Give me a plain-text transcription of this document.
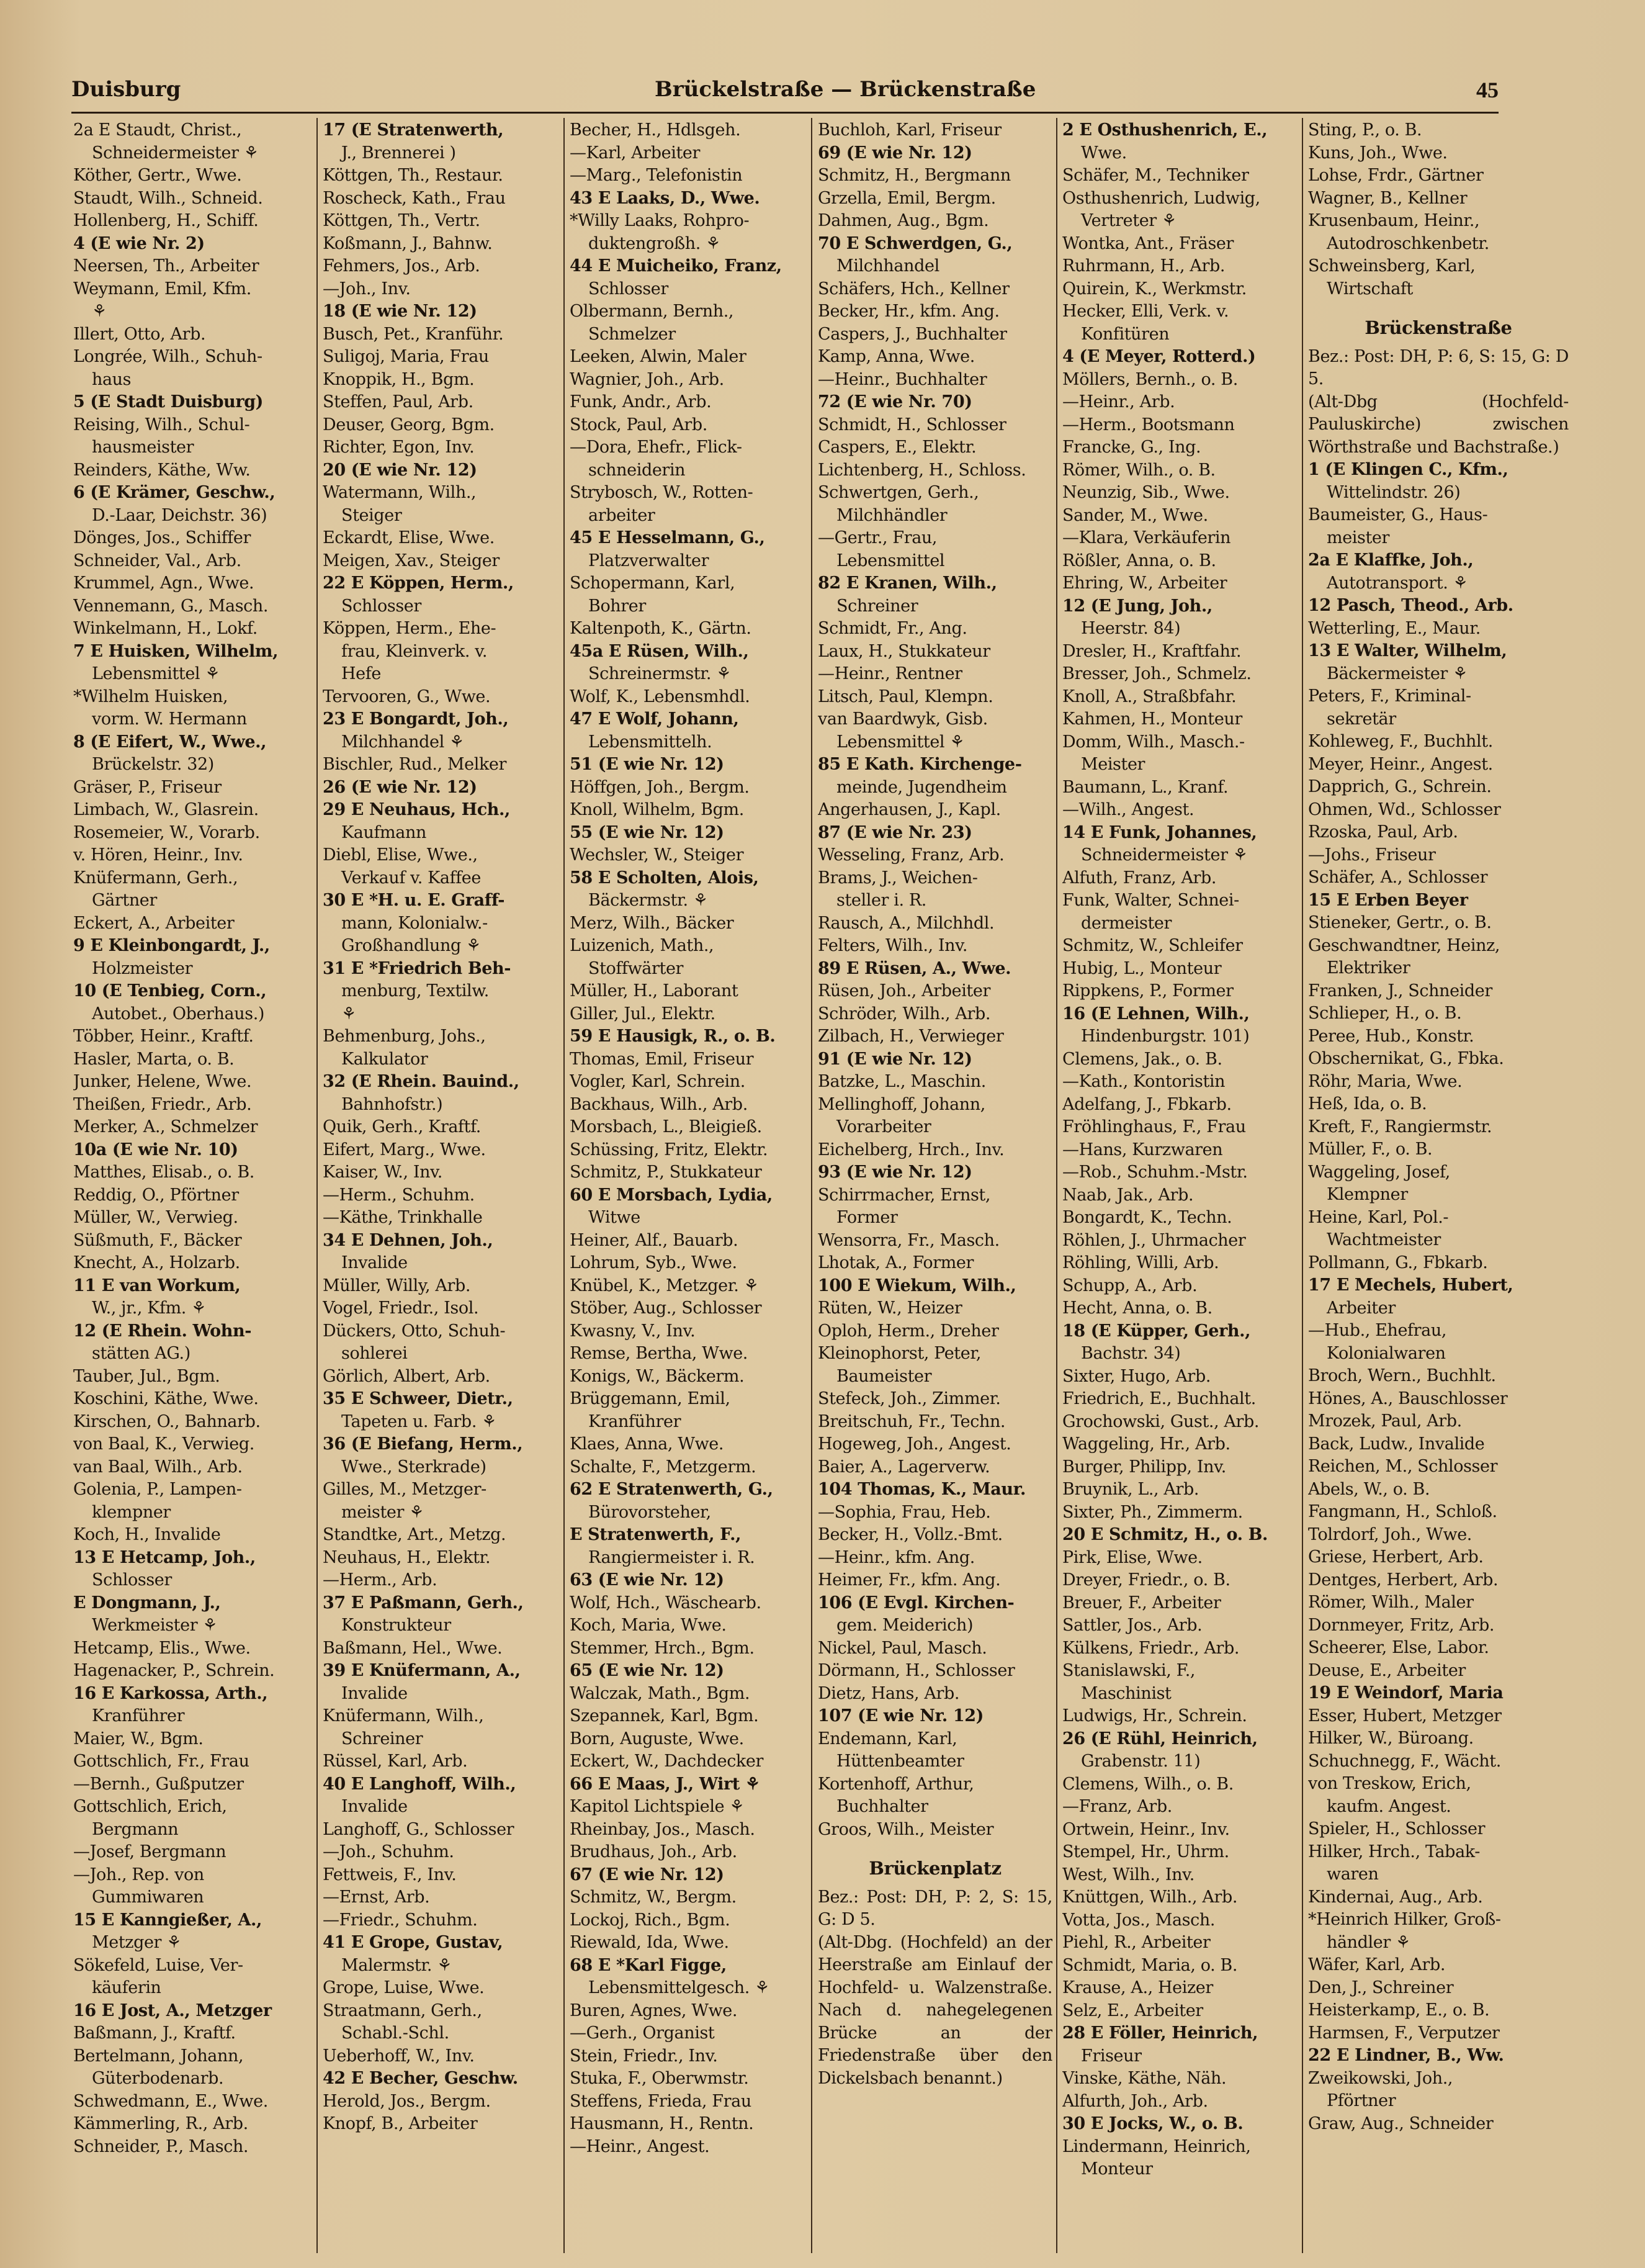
Duisburg	Brückelstraße — Brückenstraße	45
2a E Staudt, Christ.,
Schneidermeister ⚘
Köther, Gertr., Wwe.
Staudt, Wilh., Schneid.
Hollenberg, H., Schiff.
4 (E wie Nr. 2)
Neersen, Th., Arbeiter
Weymann, Emil, Kfm.
⚘
Illert, Otto, Arb.
Longrée, Wilh., Schuh-
haus
5 (E Stadt Duisburg)
Reising, Wilh., Schul-
hausmeister
Reinders, Käthe, Ww.
6 (E Krämer, Geschw.,
D.-Laar, Deichstr. 36)
Dönges, Jos., Schiffer
Schneider, Val., Arb.
Krummel, Agn., Wwe.
Vennemann, G., Masch.
Winkelmann, H., Lokf.
7 E Huisken, Wilhelm,
Lebensmittel ⚘
*Wilhelm Huisken,
vorm. W. Hermann
8 (E Eifert, W., Wwe.,
Brückelstr. 32)
Gräser, P., Friseur
Limbach, W., Glasrein.
Rosemeier, W., Vorarb.
v. Hören, Heinr., Inv.
Knüfermann, Gerh.,
Gärtner
Eckert, A., Arbeiter
9 E Kleinbongardt, J.,
Holzmeister
10 (E Tenbieg, Corn.,
Autobet., Oberhaus.)
Többer, Heinr., Kraftf.
Hasler, Marta, o. B.
Junker, Helene, Wwe.
Theißen, Friedr., Arb.
Merker, A., Schmelzer
10a (E wie Nr. 10)
Matthes, Elisab., o. B.
Reddig, O., Pförtner
Müller, W., Verwieg.
Süßmuth, F., Bäcker
Knecht, A., Holzarb.
11 E van Workum,
W., jr., Kfm. ⚘
12 (E Rhein. Wohn-
stätten AG.)
Tauber, Jul., Bgm.
Koschini, Käthe, Wwe.
Kirschen, O., Bahnarb.
von Baal, K., Verwieg.
van Baal, Wilh., Arb.
Golenia, P., Lampen-
klempner
Koch, H., Invalide
13 E Hetcamp, Joh.,
Schlosser
E Dongmann, J.,
Werkmeister ⚘
Hetcamp, Elis., Wwe.
Hagenacker, P., Schrein.
16 E Karkossa, Arth.,
Kranführer
Maier, W., Bgm.
Gottschlich, Fr., Frau
—Bernh., Gußputzer
Gottschlich, Erich,
Bergmann
—Josef, Bergmann
—Joh., Rep. von
Gummiwaren
15 E Kanngießer, A.,
Metzger ⚘
Sökefeld, Luise, Ver-
käuferin
16 E Jost, A., Metzger
Baßmann, J., Kraftf.
Bertelmann, Johann,
Güterbodenarb.
Schwedmann, E., Wwe.
Kämmerling, R., Arb.
Schneider, P., Masch.
17 (E Stratenwerth,
J., Brennerei )
Köttgen, Th., Restaur.
Roscheck, Kath., Frau
Köttgen, Th., Vertr.
Koßmann, J., Bahnw.
Fehmers, Jos., Arb.
—Joh., Inv.
18 (E wie Nr. 12)
Busch, Pet., Kranführ.
Suligoj, Maria, Frau
Knoppik, H., Bgm.
Steffen, Paul, Arb.
Deuser, Georg, Bgm.
Richter, Egon, Inv.
20 (E wie Nr. 12)
Watermann, Wilh.,
Steiger
Eckardt, Elise, Wwe.
Meigen, Xav., Steiger
22 E Köppen, Herm.,
Schlosser
Köppen, Herm., Ehe-
frau, Kleinverk. v.
Hefe
Tervooren, G., Wwe.
23 E Bongardt, Joh.,
Milchhandel ⚘
Bischler, Rud., Melker
26 (E wie Nr. 12)
29 E Neuhaus, Hch.,
Kaufmann
Diebl, Elise, Wwe.,
Verkauf v. Kaffee
30 E *H. u. E. Graff-
mann, Kolonialw.-
Großhandlung ⚘
31 E *Friedrich Beh-
menburg, Textilw.
⚘
Behmenburg, Johs.,
Kalkulator
32 (E Rhein. Bauind.,
Bahnhofstr.)
Quik, Gerh., Kraftf.
Eifert, Marg., Wwe.
Kaiser, W., Inv.
—Herm., Schuhm.
—Käthe, Trinkhalle
34 E Dehnen, Joh.,
Invalide
Müller, Willy, Arb.
Vogel, Friedr., Isol.
Dückers, Otto, Schuh-
sohlerei
Görlich, Albert, Arb.
35 E Schweer, Dietr.,
Tapeten u. Farb. ⚘
36 (E Biefang, Herm.,
Wwe., Sterkrade)
Gilles, M., Metzger-
meister ⚘
Standtke, Art., Metzg.
Neuhaus, H., Elektr.
—Herm., Arb.
37 E Paßmann, Gerh.,
Konstrukteur
Baßmann, Hel., Wwe.
39 E Knüfermann, A.,
Invalide
Knüfermann, Wilh.,
Schreiner
Rüssel, Karl, Arb.
40 E Langhoff, Wilh.,
Invalide
Langhoff, G., Schlosser
—Joh., Schuhm.
Fettweis, F., Inv.
—Ernst, Arb.
—Friedr., Schuhm.
41 E Grope, Gustav,
Malermstr. ⚘
Grope, Luise, Wwe.
Straatmann, Gerh.,
Schabl.-Schl.
Ueberhoff, W., Inv.
42 E Becher, Geschw.
Herold, Jos., Bergm.
Knopf, B., Arbeiter
Becher, H., Hdlsgeh.
—Karl, Arbeiter
—Marg., Telefonistin
43 E Laaks, D., Wwe.
*Willy Laaks, Rohpro-
duktengroßh. ⚘
44 E Muicheiko, Franz,
Schlosser
Olbermann, Bernh.,
Schmelzer
Leeken, Alwin, Maler
Wagnier, Joh., Arb.
Funk, Andr., Arb.
Stock, Paul, Arb.
—Dora, Ehefr., Flick-
schneiderin
Strybosch, W., Rotten-
arbeiter
45 E Hesselmann, G.,
Platzverwalter
Schopermann, Karl,
Bohrer
Kaltenpoth, K., Gärtn.
45a E Rüsen, Wilh.,
Schreinermstr. ⚘
Wolf, K., Lebensmhdl.
47 E Wolf, Johann,
Lebensmittelh.
51 (E wie Nr. 12)
Höffgen, Joh., Bergm.
Knoll, Wilhelm, Bgm.
55 (E wie Nr. 12)
Wechsler, W., Steiger
58 E Scholten, Alois,
Bäckermstr. ⚘
Merz, Wilh., Bäcker
Luizenich, Math.,
Stoffwärter
Müller, H., Laborant
Giller, Jul., Elektr.
59 E Hausigk, R., o. B.
Thomas, Emil, Friseur
Vogler, Karl, Schrein.
Backhaus, Wilh., Arb.
Morsbach, L., Bleigieß.
Schüssing, Fritz, Elektr.
Schmitz, P., Stukkateur
60 E Morsbach, Lydia,
Witwe
Heiner, Alf., Bauarb.
Lohrum, Syb., Wwe.
Knübel, K., Metzger. ⚘
Stöber, Aug., Schlosser
Kwasny, V., Inv.
Remse, Bertha, Wwe.
Konigs, W., Bäckerm.
Brüggemann, Emil,
Kranführer
Klaes, Anna, Wwe.
Schalte, F., Metzgerm.
62 E Stratenwerth, G.,
Bürovorsteher,
E Stratenwerth, F.,
Rangiermeister i. R.
63 (E wie Nr. 12)
Wolf, Hch., Wäschearb.
Koch, Maria, Wwe.
Stemmer, Hrch., Bgm.
65 (E wie Nr. 12)
Walczak, Math., Bgm.
Szepannek, Karl, Bgm.
Born, Auguste, Wwe.
Eckert, W., Dachdecker
66 E Maas, J., Wirt ⚘
Kapitol Lichtspiele ⚘
Rheinbay, Jos., Masch.
Brudhaus, Joh., Arb.
67 (E wie Nr. 12)
Schmitz, W., Bergm.
Lockoj, Rich., Bgm.
Riewald, Ida, Wwe.
68 E *Karl Figge,
Lebensmittelgesch. ⚘
Buren, Agnes, Wwe.
—Gerh., Organist
Stein, Friedr., Inv.
Stuka, F., Oberwmstr.
Steffens, Frieda, Frau
Hausmann, H., Rentn.
—Heinr., Angest.
Buchloh, Karl, Friseur
69 (E wie Nr. 12)
Schmitz, H., Bergmann
Grzella, Emil, Bergm.
Dahmen, Aug., Bgm.
70 E Schwerdgen, G.,
Milchhandel
Schäfers, Hch., Kellner
Becker, Hr., kfm. Ang.
Caspers, J., Buchhalter
Kamp, Anna, Wwe.
—Heinr., Buchhalter
72 (E wie Nr. 70)
Schmidt, H., Schlosser
Caspers, E., Elektr.
Lichtenberg, H., Schloss.
Schwertgen, Gerh.,
Milchhändler
—Gertr., Frau,
Lebensmittel
82 E Kranen, Wilh.,
Schreiner
Schmidt, Fr., Ang.
Laux, H., Stukkateur
—Heinr., Rentner
Litsch, Paul, Klempn.
van Baardwyk, Gisb.
Lebensmittel ⚘
85 E Kath. Kirchenge-
meinde, Jugendheim
Angerhausen, J., Kapl.
87 (E wie Nr. 23)
Wesseling, Franz, Arb.
Brams, J., Weichen-
steller i. R.
Rausch, A., Milchhdl.
Felters, Wilh., Inv.
89 E Rüsen, A., Wwe.
Rüsen, Joh., Arbeiter
Schröder, Wilh., Arb.
Zilbach, H., Verwieger
91 (E wie Nr. 12)
Batzke, L., Maschin.
Mellinghoff, Johann,
Vorarbeiter
Eichelberg, Hrch., Inv.
93 (E wie Nr. 12)
Schirrmacher, Ernst,
Former
Wensorra, Fr., Masch.
Lhotak, A., Former
100 E Wiekum, Wilh.,
Rüten, W., Heizer
Oploh, Herm., Dreher
Kleinophorst, Peter,
Baumeister
Stefeck, Joh., Zimmer.
Breitschuh, Fr., Techn.
Hogeweg, Joh., Angest.
Baier, A., Lagerverw.
104 Thomas, K., Maur.
—Sophia, Frau, Heb.
Becker, H., Vollz.-Bmt.
—Heinr., kfm. Ang.
Heimer, Fr., kfm. Ang.
106 (E Evgl. Kirchen-
gem. Meiderich)
Nickel, Paul, Masch.
Dörmann, H., Schlosser
Dietz, Hans, Arb.
107 (E wie Nr. 12)
Endemann, Karl,
Hüttenbeamter
Kortenhoff, Arthur,
Buchhalter
Groos, Wilh., Meister
Brückenplatz
Bez.: Post: DH, P: 2, S: 15, G: D 5.
(Alt-Dbg. (Hochfeld) an der Heerstraße am Einlauf der Hochfeld- u. Walzenstraße. Nach d. nahegelegenen Brücke an der Friedenstraße über den Dickelsbach benannt.)
2 E Osthushenrich, E.,
Wwe.
Schäfer, M., Techniker
Osthushenrich, Ludwig,
Vertreter ⚘
Wontka, Ant., Fräser
Ruhrmann, H., Arb.
Quirein, K., Werkmstr.
Hecker, Elli, Verk. v.
Konfitüren
4 (E Meyer, Rotterd.)
Möllers, Bernh., o. B.
—Heinr., Arb.
—Herm., Bootsmann
Francke, G., Ing.
Römer, Wilh., o. B.
Neunzig, Sib., Wwe.
Sander, M., Wwe.
—Klara, Verkäuferin
Rößler, Anna, o. B.
Ehring, W., Arbeiter
12 (E Jung, Joh.,
Heerstr. 84)
Dresler, H., Kraftfahr.
Bresser, Joh., Schmelz.
Knoll, A., Straßbfahr.
Kahmen, H., Monteur
Domm, Wilh., Masch.-
Meister
Baumann, L., Kranf.
—Wilh., Angest.
14 E Funk, Johannes,
Schneidermeister ⚘
Alfuth, Franz, Arb.
Funk, Walter, Schnei-
dermeister
Schmitz, W., Schleifer
Hubig, L., Monteur
Rippkens, P., Former
16 (E Lehnen, Wilh.,
Hindenburgstr. 101)
Clemens, Jak., o. B.
—Kath., Kontoristin
Adelfang, J., Fbkarb.
Fröhlinghaus, F., Frau
—Hans, Kurzwaren
—Rob., Schuhm.-Mstr.
Naab, Jak., Arb.
Bongardt, K., Techn.
Röhlen, J., Uhrmacher
Röhling, Willi, Arb.
Schupp, A., Arb.
Hecht, Anna, o. B.
18 (E Küpper, Gerh.,
Bachstr. 34)
Sixter, Hugo, Arb.
Friedrich, E., Buchhalt.
Grochowski, Gust., Arb.
Waggeling, Hr., Arb.
Burger, Philipp, Inv.
Bruynik, L., Arb.
Sixter, Ph., Zimmerm.
20 E Schmitz, H., o. B.
Pirk, Elise, Wwe.
Dreyer, Friedr., o. B.
Breuer, F., Arbeiter
Sattler, Jos., Arb.
Külkens, Friedr., Arb.
Stanislawski, F.,
Maschinist
Ludwigs, Hr., Schrein.
26 (E Rühl, Heinrich,
Grabenstr. 11)
Clemens, Wilh., o. B.
—Franz, Arb.
Ortwein, Heinr., Inv.
Stempel, Hr., Uhrm.
West, Wilh., Inv.
Knüttgen, Wilh., Arb.
Votta, Jos., Masch.
Piehl, R., Arbeiter
Schmidt, Maria, o. B.
Krause, A., Heizer
Selz, E., Arbeiter
28 E Föller, Heinrich,
Friseur
Vinske, Käthe, Näh.
Alfurth, Joh., Arb.
30 E Jocks, W., o. B.
Lindermann, Heinrich,
Monteur
Sting, P., o. B.
Kuns, Joh., Wwe.
Lohse, Frdr., Gärtner
Wagner, B., Kellner
Krusenbaum, Heinr.,
Autodroschkenbetr.
Schweinsberg, Karl,
Wirtschaft
Brückenstraße
Bez.: Post: DH, P: 6, S: 15, G: D 5.
(Alt-Dbg (Hochfeld-Pauluskirche) zwischen Wörthstraße und Bachstraße.)
1 (E Klingen C., Kfm.,
Wittelindstr. 26)
Baumeister, G., Haus-
meister
2a E Klaffke, Joh.,
Autotransport. ⚘
12 Pasch, Theod., Arb.
Wetterling, E., Maur.
13 E Walter, Wilhelm,
Bäckermeister ⚘
Peters, F., Kriminal-
sekretär
Kohleweg, F., Buchhlt.
Meyer, Heinr., Angest.
Dapprich, G., Schrein.
Ohmen, Wd., Schlosser
Rzoska, Paul, Arb.
—Johs., Friseur
Schäfer, A., Schlosser
15 E Erben Beyer
Stieneker, Gertr., o. B.
Geschwandtner, Heinz,
Elektriker
Franken, J., Schneider
Schlieper, H., o. B.
Peree, Hub., Konstr.
Obschernikat, G., Fbka.
Röhr, Maria, Wwe.
Heß, Ida, o. B.
Kreft, F., Rangiermstr.
Müller, F., o. B.
Waggeling, Josef,
Klempner
Heine, Karl, Pol.-
Wachtmeister
Pollmann, G., Fbkarb.
17 E Mechels, Hubert,
Arbeiter
—Hub., Ehefrau,
Kolonialwaren
Broch, Wern., Buchhlt.
Hönes, A., Bauschlosser
Mrozek, Paul, Arb.
Back, Ludw., Invalide
Reichen, M., Schlosser
Abels, W., o. B.
Fangmann, H., Schloß.
Tolrdorf, Joh., Wwe.
Griese, Herbert, Arb.
Dentges, Herbert, Arb.
Römer, Wilh., Maler
Dornmeyer, Fritz, Arb.
Scheerer, Else, Labor.
Deuse, E., Arbeiter
19 E Weindorf, Maria
Esser, Hubert, Metzger
Hilker, W., Büroang.
Schuchnegg, F., Wächt.
von Treskow, Erich,
kaufm. Angest.
Spieler, H., Schlosser
Hilker, Hrch., Tabak-
waren
Kindernai, Aug., Arb.
*Heinrich Hilker, Groß-
händler ⚘
Wäfer, Karl, Arb.
Den, J., Schreiner
Heisterkamp, E., o. B.
Harmsen, F., Verputzer
22 E Lindner, B., Ww.
Zweikowski, Joh.,
Pförtner
Graw, Aug., Schneider
